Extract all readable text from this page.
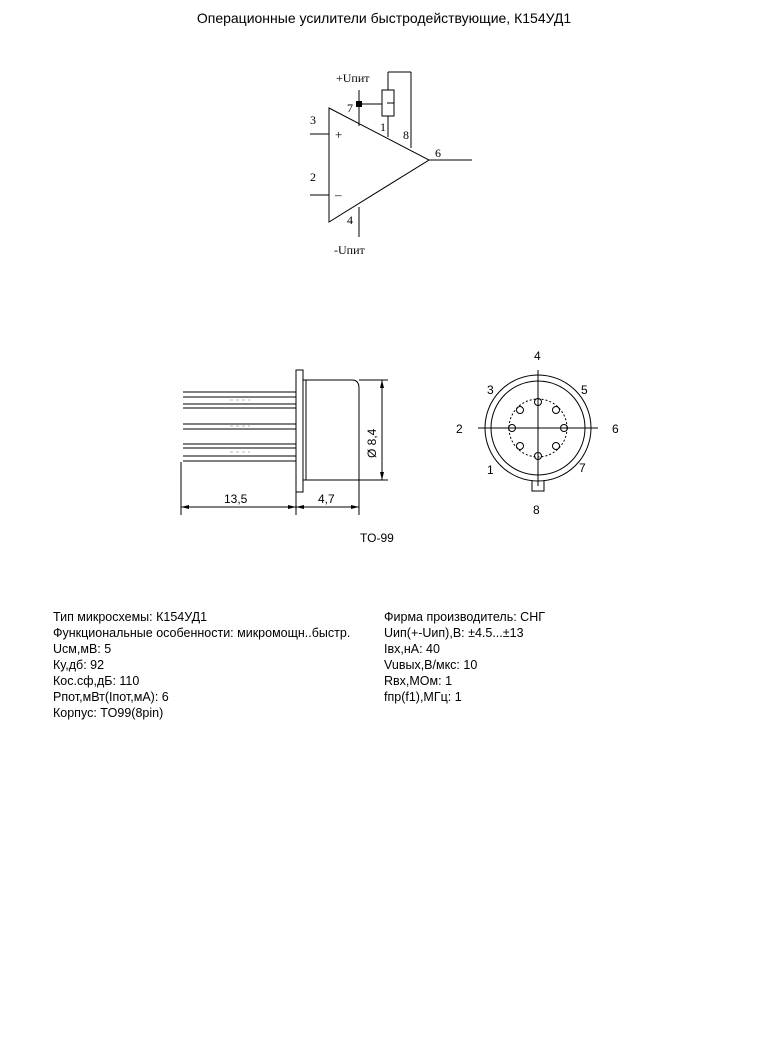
Операционные усилители быстродействующие, К154УД1
+Uпит
-Uпит
3
2
6
7
4
1
8
+
–
13,5	4,7
Ø 8,4
1
2
3
4
5
6
7
8
TO-99
Тип микросхемы: К154УД1
Функциональные особенности: микромощн..быстр.
Uсм,мВ: 5
Ку,дб: 92
Кос.сф,дБ: 110
Рпот,мВт(Iпот,мА): 6
Корпус: TO99(8pin)
Фирма производитель: СНГ
Uип(+-Uип),В: ±4.5...±13
Iвх,нА: 40
Vuвых,В/мкс: 10
Rвх,МОм: 1
fпр(f1),МГц: 1
